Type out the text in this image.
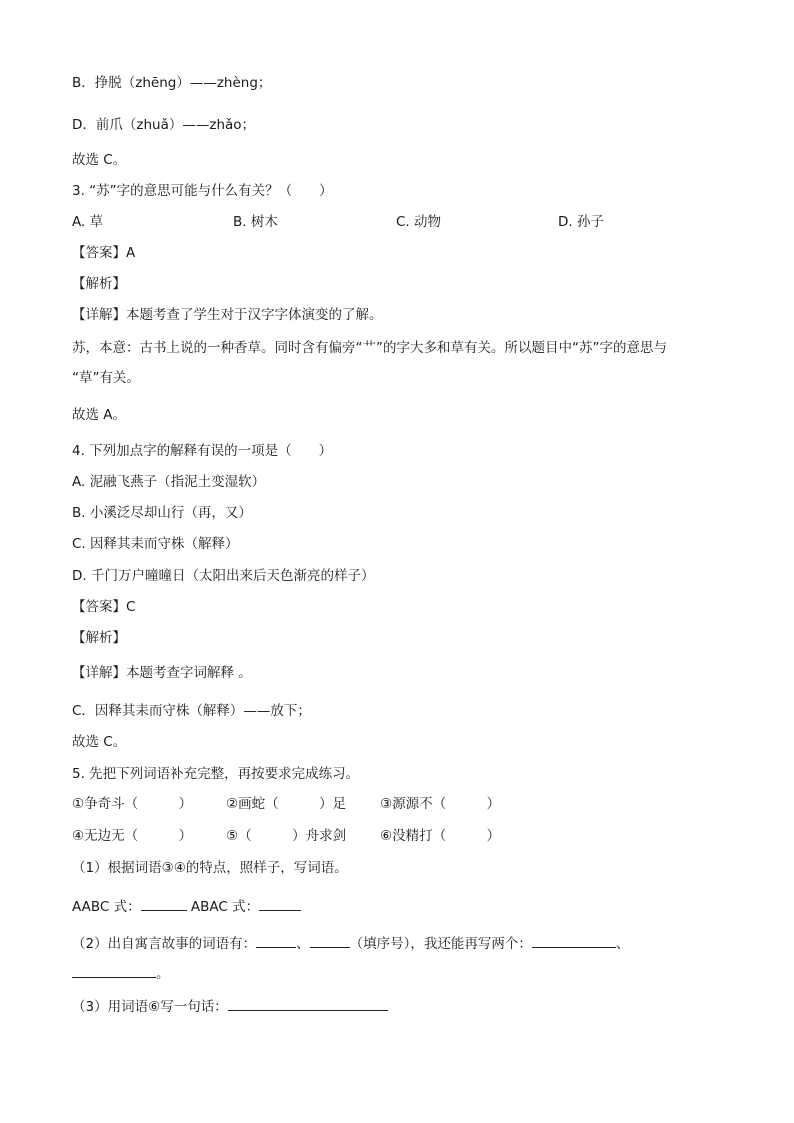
B．挣脱（zhēng）——zhèng；
D．前爪（zhuǎ）——zhǎo；
故选 C。
3. “苏”字的意思可能与什么有关？（　　）
A. 草	B. 树木	C. 动物	D. 孙子
【答案】A
【解析】
【详解】本题考查了学生对于汉字字体演变的了解。
苏，本意：古书上说的一种香草。同时含有偏旁“艹”的字大多和草有关。所以题目中“苏”字的意思与
“草”有关。
故选 A。
4. 下列加点字的解释有误的一项是（　　）
A. 泥融飞燕子（指泥土变湿软）
B. 小溪泛尽却山行（再，又）
C. 因释其耒而守株（解释）
D. 千门万户曈曈日（太阳出来后天色渐亮的样子）
【答案】C
【解析】
【详解】本题考查字词解释 。
C．因释其耒而守株（解释）——放下；
故选 C。
5. 先把下列词语补充完整，再按要求完成练习。
①争奇斗（　　　）	②画蛇（　　　）足	③源源不（　　　）
④无边无（　　　）	⑤（　　　）舟求剑	⑥没精打（　　　）
（1）根据词语③④的特点，照样子，写词语。
AABC 式：	ABAC 式：
（2）出自寓言故事的词语有：	、	（填序号），我还能再写两个：	、
。
（3）用词语⑥写一句话：
